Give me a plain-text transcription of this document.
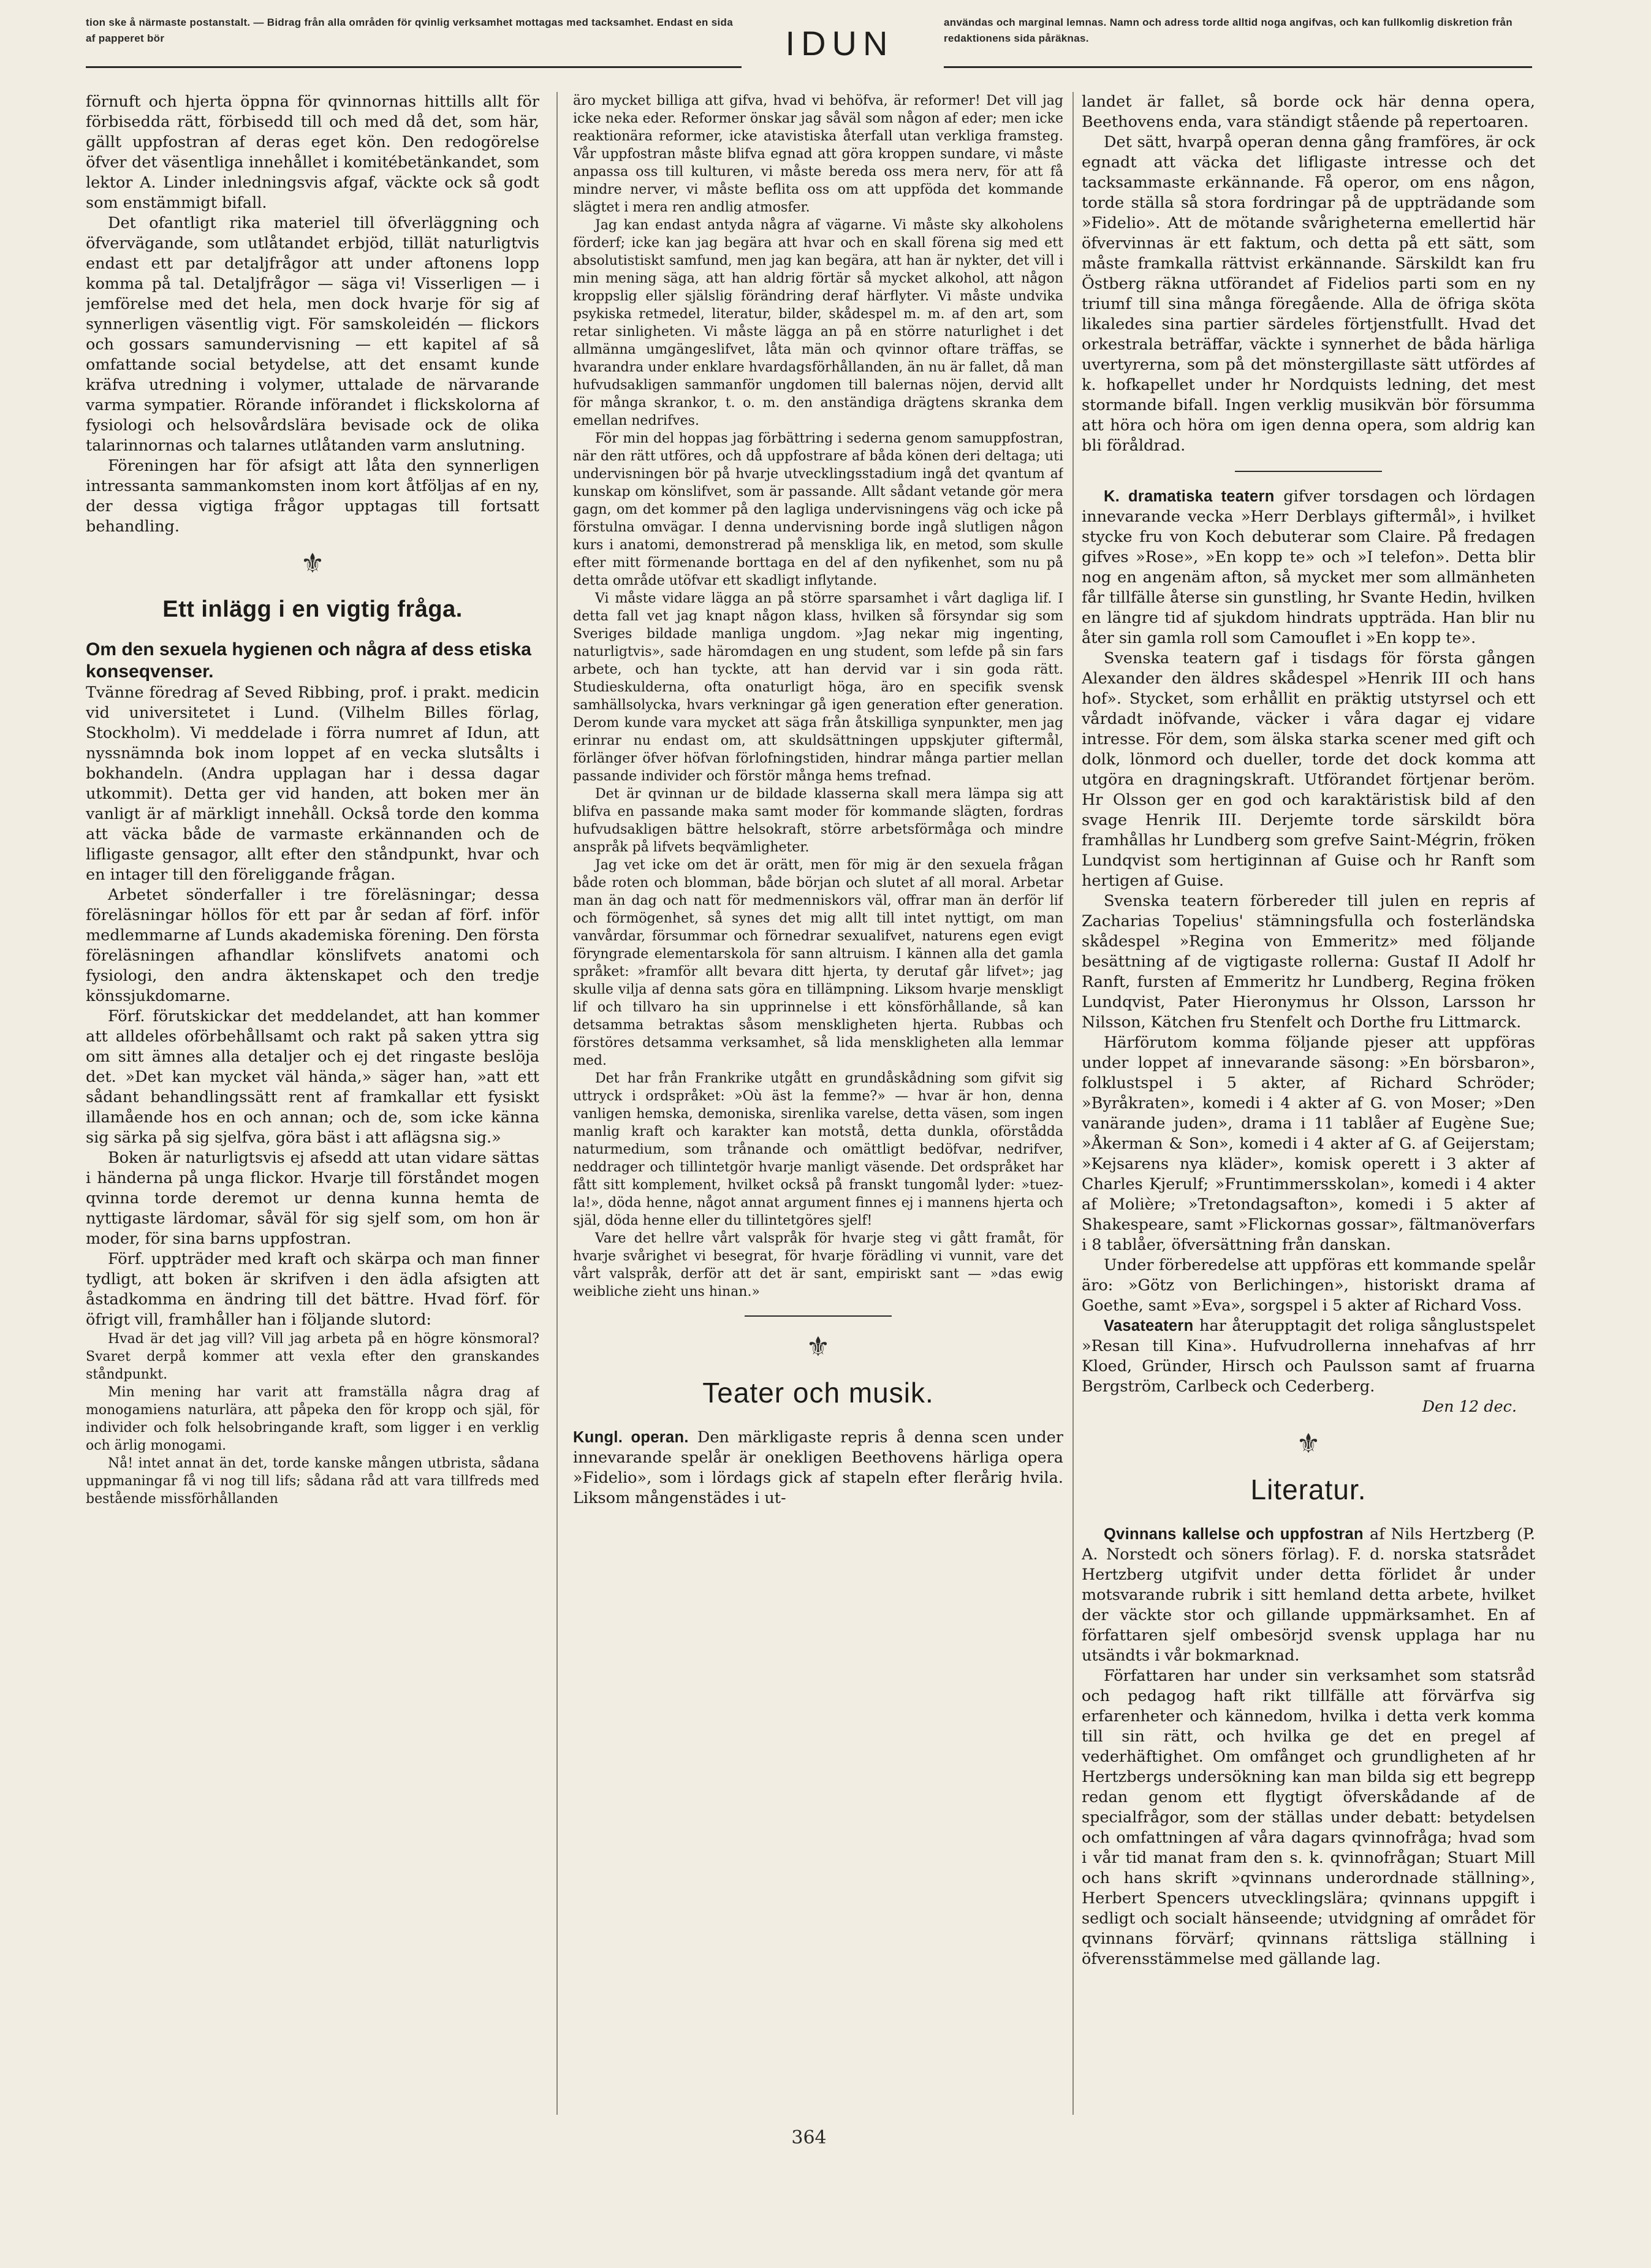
tion ske å närmaste postanstalt. — Bidrag från alla områden för qvinlig verksamhet mottagas med tacksamhet. Endast en sida af papperet bör	IDUN
användas och marginal lemnas. Namn och adress torde alltid noga angifvas, och kan fullkomlig diskretion från redaktionens sida påräknas.

förnuft och hjerta öppna för qvinnornas hittills allt för förbisedda rätt, förbisedd till och med då det, som här, gällt uppfostran af deras eget kön. Den redogörelse öfver det väsentliga innehållet i komitébetänkandet, som lektor A. Linder inledningsvis afgaf, väckte ock så godt som enstämmigt bifall.

Det ofantligt rika materiel till öfverläggning och öfvervägande, som utlåtandet erbjöd, tillät naturligtvis endast ett par detaljfrågor att under aftonens lopp komma på tal. Detaljfrågor — säga vi! Visserligen — i jemförelse med det hela, men dock hvarje för sig af synnerligen väsentlig vigt. För samskoleidén — flickors och gossars samundervisning — ett kapitel af så omfattande social betydelse, att det ensamt kunde kräfva utredning i volymer, uttalade de närvarande varma sympatier. Rörande införandet i flickskolorna af fysiologi och helsovårdslära bevisade ock de olika talarinnornas och talarnes utlåtanden varm anslutning.

Föreningen har för afsigt att låta den synnerligen intressanta sammankomsten inom kort åtföljas af en ny, der dessa vigtiga frågor upptagas till fortsatt behandling.

⚜
Ett inlägg i en vigtig fråga.
Om den sexuela hygienen och några af dess etiska konseqvenser.

Tvänne föredrag af Seved Ribbing, prof. i prakt. medicin vid universitetet i Lund. (Vilhelm Billes förlag, Stockholm). Vi meddelade i förra numret af Idun, att nyssnämnda bok inom loppet af en vecka slutsålts i bokhandeln. (Andra upplagan har i dessa dagar utkommit). Detta ger vid handen, att boken mer än vanligt är af märkligt innehåll. Också torde den komma att väcka både de varmaste erkännanden och de lifligaste gensagor, allt efter den ståndpunkt, hvar och en intager till den föreliggande frågan.

Arbetet sönderfaller i tre föreläsningar; dessa föreläsningar höllos för ett par år sedan af förf. inför medlemmarne af Lunds akademiska förening. Den första föreläsningen afhandlar könslifvets anatomi och fysiologi, den andra äktenskapet och den tredje könssjukdomarne.

Förf. förutskickar det meddelandet, att han kommer att alldeles oförbehållsamt och rakt på saken yttra sig om sitt ämnes alla detaljer och ej det ringaste beslöja det. »Det kan mycket väl hända,» säger han, »att ett sådant behandlingssätt rent af framkallar ett fysiskt illamående hos en och annan; och de, som icke känna sig särka på sig sjelfva, göra bäst i att aflägsna sig.»

Boken är naturligtsvis ej afsedd att utan vidare sättas i händerna på unga flickor. Hvarje till förståndet mogen qvinna torde deremot ur denna kunna hemta de nyttigaste lärdomar, såväl för sig sjelf som, om hon är moder, för sina barns uppfostran.

Förf. uppträder med kraft och skärpa och man finner tydligt, att boken är skrifven i den ädla afsigten att åstadkomma en ändring till det bättre. Hvad förf. för öfrigt vill, framhåller han i följande slutord:

Hvad är det jag vill? Vill jag arbeta på en högre könsmoral? Svaret derpå kommer att vexla efter den granskandes ståndpunkt.

Min mening har varit att framställa några drag af monogamiens naturlära, att påpeka den för kropp och själ, för individer och folk helsobringande kraft, som ligger i en verklig och ärlig monogami.

Nå! intet annat än det, torde kanske mången utbrista, sådana uppmaningar få vi nog till lifs; sådana råd att vara tillfreds med bestående missförhållanden

äro mycket billiga att gifva, hvad vi behöfva, är reformer! Det vill jag icke neka eder. Reformer önskar jag såväl som någon af eder; men icke reaktionära reformer, icke atavistiska återfall utan verkliga framsteg. Vår uppfostran måste blifva egnad att göra kroppen sundare, vi måste anpassa oss till kulturen, vi måste bereda oss mera nerv, för att få mindre nerver, vi måste beflita oss om att uppföda det kommande slägtet i mera ren andlig atmosfer.

Jag kan endast antyda några af vägarne. Vi måste sky alkoholens förderf; icke kan jag begära att hvar och en skall förena sig med ett absolutistiskt samfund, men jag kan begära, att han är nykter, det vill i min mening säga, att han aldrig förtär så mycket alkohol, att någon kroppslig eller själslig förändring deraf härflyter. Vi måste undvika psykiska retmedel, literatur, bilder, skådespel m. m. af den art, som retar sinligheten. Vi måste lägga an på en större naturlighet i det allmänna umgängeslifvet, låta män och qvinnor oftare träffas, se hvarandra under enklare hvardagsförhållanden, än nu är fallet, då man hufvudsakligen sammanför ungdomen till balernas nöjen, dervid allt för många skrankor, t. o. m. den anständiga drägtens skranka dem emellan nedrifves.

För min del hoppas jag förbättring i sederna genom samuppfostran, när den rätt utföres, och då uppfostrare af båda könen deri deltaga; uti undervisningen bör på hvarje utvecklingsstadium ingå det qvantum af kunskap om könslifvet, som är passande. Allt sådant vetande gör mera gagn, om det kommer på den lagliga undervisningens väg och icke på förstulna omvägar. I denna undervisning borde ingå slutligen någon kurs i anatomi, demonstrerad på menskliga lik, en metod, som skulle efter mitt förmenande borttaga en del af den nyfikenhet, som nu på detta område utöfvar ett skadligt inflytande.

Vi måste vidare lägga an på större sparsamhet i vårt dagliga lif. I detta fall vet jag knapt någon klass, hvilken så försyndar sig som Sveriges bildade manliga ungdom. »Jag nekar mig ingenting, naturligtvis», sade häromdagen en ung student, som lefde på sin fars arbete, och han tyckte, att han dervid var i sin goda rätt. Studieskulderna, ofta onaturligt höga, äro en specifik svensk samhällsolycka, hvars verkningar gå igen generation efter generation. Derom kunde vara mycket att säga från åtskilliga synpunkter, men jag erinrar nu endast om, att skuldsättningen uppskjuter giftermål, förlänger öfver höfvan förlofningstiden, hindrar många partier mellan passande individer och förstör många hems trefnad.

Det är qvinnan ur de bildade klasserna skall mera lämpa sig att blifva en passande maka samt moder för kommande slägten, fordras hufvudsakligen bättre helsokraft, större arbetsförmåga och mindre anspråk på lifvets beqvämligheter.

Jag vet icke om det är orätt, men för mig är den sexuela frågan både roten och blomman, både början och slutet af all moral. Arbetar man än dag och natt för medmenniskors väl, offrar man än derför lif och förmögenhet, så synes det mig allt till intet nyttigt, om man vanvårdar, försummar och förnedrar sexualifvet, naturens egen evigt föryngrade elementarskola för sann altruism. I kännen alla det gamla språket: »framför allt bevara ditt hjerta, ty derutaf går lifvet»; jag skulle vilja af denna sats göra en tillämpning. Liksom hvarje menskligt lif och tillvaro ha sin upprinnelse i ett könsförhållande, så kan detsamma betraktas såsom menskligheten hjerta. Rubbas och förstöres detsamma verksamhet, så lida menskligheten alla lemmar med.

Det har från Frankrike utgått en grundåskådning som gifvit sig uttryck i ordspråket: »Où äst la femme?» — hvar är hon, denna vanligen hemska, demoniska, sirenlika varelse, detta väsen, som ingen manlig kraft och karakter kan motstå, detta dunkla, oförstådda naturmedium, som trånande och omättligt bedöfvar, nedrifver, neddrager och tillintetgör hvarje manligt väsende. Det ordspråket har fått sitt komplement, hvilket också på franskt tungomål lyder: »tuez-la!», döda henne, något annat argument finnes ej i mannens hjerta och själ, döda henne eller du tillintetgöres sjelf!

Vare det hellre vårt valspråk för hvarje steg vi gått framåt, för hvarje svårighet vi besegrat, för hvarje förädling vi vunnit, vare det vårt valspråk, derför att det är sant, empiriskt sant — »das ewig weibliche zieht uns hinan.»

⚜
Teater och musik.

Kungl. operan. Den märkligaste repris å denna scen under innevarande spelår är onekligen Beethovens härliga opera »Fidelio», som i lördags gick af stapeln efter flerårig hvila. Liksom mångenstädes i ut-

landet är fallet, så borde ock här denna opera, Beethovens enda, vara ständigt stående på repertoaren.

Det sätt, hvarpå operan denna gång framföres, är ock egnadt att väcka det lifligaste intresse och det tacksammaste erkännande. Få operor, om ens någon, torde ställa så stora fordringar på de uppträdande som »Fidelio». Att de mötande svårigheterna emellertid här öfvervinnas är ett faktum, och detta på ett sätt, som måste framkalla rättvist erkännande. Särskildt kan fru Östberg räkna utförandet af Fidelios parti som en ny triumf till sina många föregående. Alla de öfriga sköta likaledes sina partier särdeles förtjenstfullt. Hvad det orkestrala beträffar, väckte i synnerhet de båda härliga uvertyrerna, som på det mönstergillaste sätt utfördes af k. hofkapellet under hr Nordquists ledning, det mest stormande bifall. Ingen verklig musikvän bör försumma att höra och höra om igen denna opera, som aldrig kan bli föråldrad.

K. dramatiska teatern gifver torsdagen och lördagen innevarande vecka »Herr Derblays giftermål», i hvilket stycke fru von Koch debuterar som Claire. På fredagen gifves »Rose», »En kopp te» och »I telefon». Detta blir nog en angenäm afton, så mycket mer som allmänheten får tillfälle återse sin gunstling, hr Svante Hedin, hvilken en längre tid af sjukdom hindrats uppträda. Han blir nu åter sin gamla roll som Camouflet i »En kopp te».

Svenska teatern gaf i tisdags för första gången Alexander den äldres skådespel »Henrik III och hans hof». Stycket, som erhållit en präktig utstyrsel och ett vårdadt inöfvande, väcker i våra dagar ej vidare intresse. För dem, som älska starka scener med gift och dolk, lönmord och dueller, torde det dock komma att utgöra en dragningskraft. Utförandet förtjenar beröm. Hr Olsson ger en god och karaktäristisk bild af den svage Henrik III. Derjemte torde särskildt böra framhållas hr Lundberg som grefve Saint-Mégrin, fröken Lundqvist som hertiginnan af Guise och hr Ranft som hertigen af Guise.

Svenska teatern förbereder till julen en repris af Zacharias Topelius' stämningsfulla och fosterländska skådespel »Regina von Emmeritz» med följande besättning af de vigtigaste rollerna: Gustaf II Adolf hr Ranft, fursten af Emmeritz hr Lundberg, Regina fröken Lundqvist, Pater Hieronymus hr Olsson, Larsson hr Nilsson, Kätchen fru Stenfelt och Dorthe fru Littmarck.

Härförutom komma följande pjeser att uppföras under loppet af innevarande säsong: »En börsbaron», folklustspel i 5 akter, af Richard Schröder; »Byråkraten», komedi i 4 akter af G. von Moser; »Den vanärande juden», drama i 11 tablåer af Eugène Sue; »Åkerman & Son», komedi i 4 akter af G. af Geijerstam; »Kejsarens nya kläder», komisk operett i 3 akter af Charles Kjerulf; »Fruntimmersskolan», komedi i 4 akter af Molière; »Tretondagsafton», komedi i 5 akter af Shakespeare, samt »Flickornas gossar», fältmanöverfars i 8 tablåer, öfversättning från danskan.

Under förberedelse att uppföras ett kommande spelår äro: »Götz von Berlichingen», historiskt drama af Goethe, samt »Eva», sorgspel i 5 akter af Richard Voss.

Vasateatern har återupptagit det roliga sånglustspelet »Resan till Kina». Hufvudrollerna innehafvas af hrr Kloed, Gründer, Hirsch och Paulsson samt af fruarna Bergström, Carlbeck och Cederberg.

Den 12 dec.
⚜
Literatur.

Qvinnans kallelse och uppfostran af Nils Hertzberg (P. A. Norstedt och söners förlag). F. d. norska statsrådet Hertzberg utgifvit under detta förlidet år under motsvarande rubrik i sitt hemland detta arbete, hvilket der väckte stor och gillande uppmärksamhet. En af författaren sjelf ombesörjd svensk upplaga har nu utsändts i vår bokmarknad.

Författaren har under sin verksamhet som statsråd och pedagog haft rikt tillfälle att förvärfva sig erfarenheter och kännedom, hvilka i detta verk komma till sin rätt, och hvilka ge det en pregel af vederhäftighet. Om omfånget och grundligheten af hr Hertzbergs undersökning kan man bilda sig ett begrepp redan genom ett flygtigt öfverskådande af de specialfrågor, som der ställas under debatt: betydelsen och omfattningen af våra dagars qvinnofråga; hvad som i vår tid manat fram den s. k. qvinnofrågan; Stuart Mill och hans skrift »qvinnans underordnade ställning», Herbert Spencers utvecklingslära; qvinnans uppgift i sedligt och socialt hänseende; utvidgning af området för qvinnans förvärf; qvinnans rättsliga ställning i öfverensstämmelse med gällande lag.

364
